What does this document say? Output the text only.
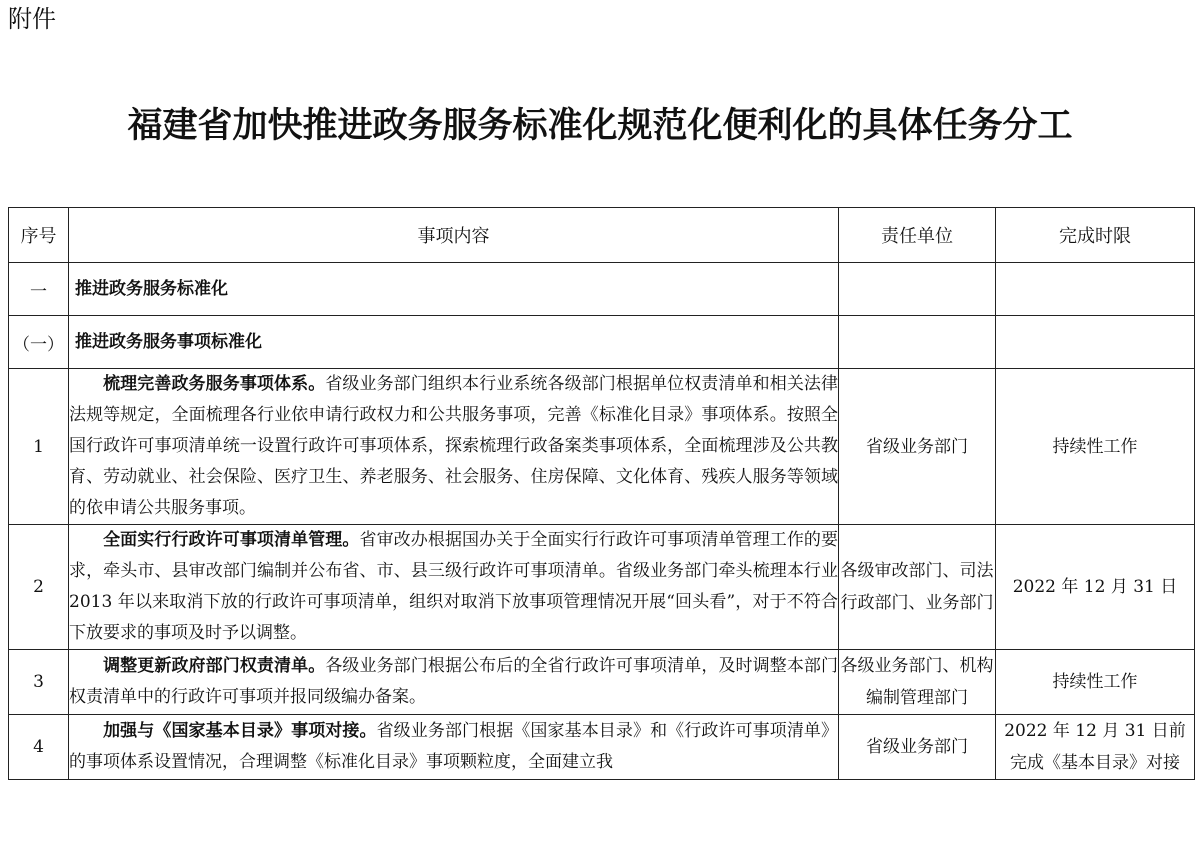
附件
福建省加快推进政务服务标准化规范化便利化的具体任务分工
序号	事项内容	责任单位	完成时限
一	推进政务服务标准化		
（一）	推进政务服务事项标准化		
1	梳理完善政务服务事项体系。省级业务部门组织本行业系统各级部门根据单位权责清单和相关法律法规等规定，全面梳理各行业依申请行政权力和公共服务事项，完善《标准化目录》事项体系。按照全国行政许可事项清单统一设置行政许可事项体系，探索梳理行政备案类事项体系，全面梳理涉及公共教育、劳动就业、社会保险、医疗卫生、养老服务、社会服务、住房保障、文化体育、残疾人服务等领域的依申请公共服务事项。	省级业务部门	持续性工作
2	全面实行行政许可事项清单管理。省审改办根据国办关于全面实行行政许可事项清单管理工作的要求，牵头市、县审改部门编制并公布省、市、县三级行政许可事项清单。省级业务部门牵头梳理本行业 2013 年以来取消下放的行政许可事项清单，组织对取消下放事项管理情况开展“回头看”，对于不符合下放要求的事项及时予以调整。	各级审改部门、司法行政部门、业务部门	2022 年 12 月 31 日
3	调整更新政府部门权责清单。各级业务部门根据公布后的全省行政许可事项清单，及时调整本部门权责清单中的行政许可事项并报同级编办备案。	各级业务部门、机构编制管理部门	持续性工作
4	加强与《国家基本目录》事项对接。省级业务部门根据《国家基本目录》和《行政许可事项清单》的事项体系设置情况，合理调整《标准化目录》事项颗粒度，全面建立我	省级业务部门	2022 年 12 月 31 日前完成《基本目录》对接
